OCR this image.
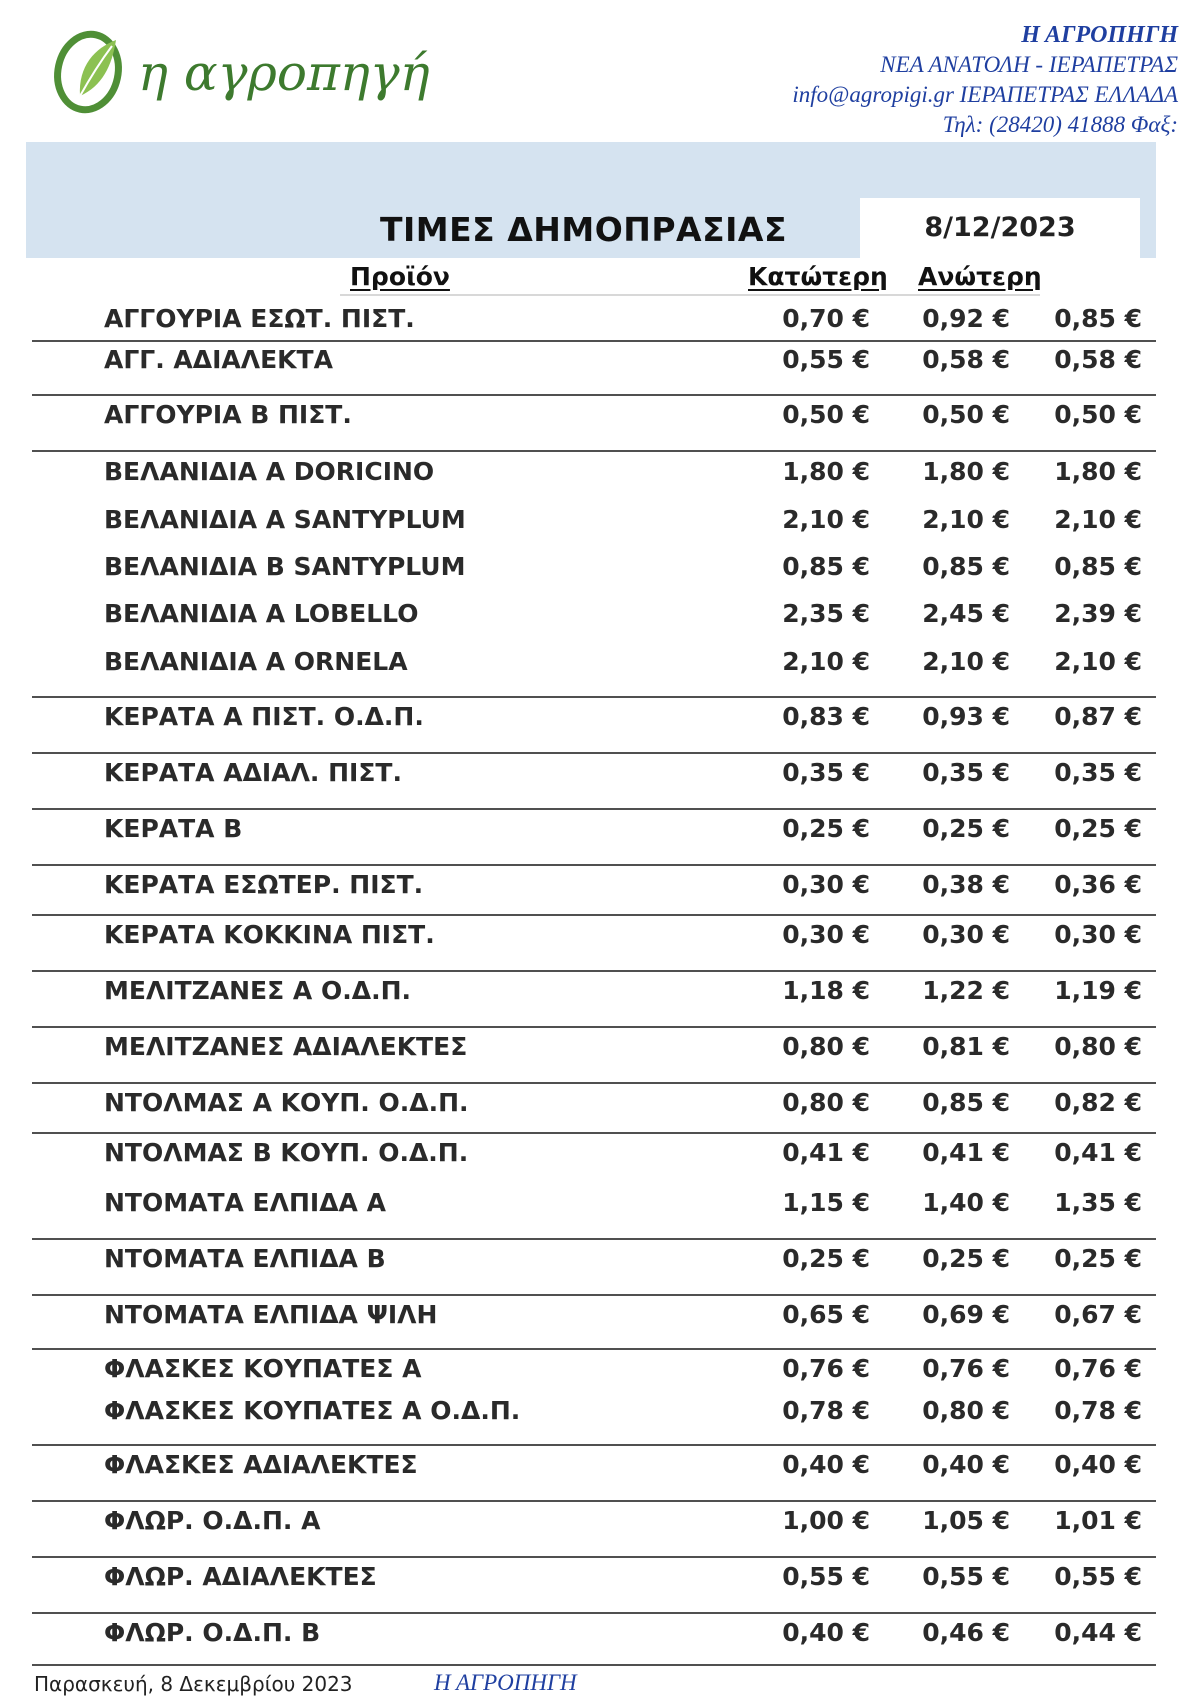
η αγροπηγή
Η ΑΓΡΟΠΗΓΗ
ΝΕΑ ΑΝΑΤΟΛΗ - ΙΕΡΑΠΕΤΡΑΣ
info@agropigi.gr ΙΕΡΑΠΕΤΡΑΣ ΕΛΛΑΔΑ
Τηλ: (28420) 41888 Φαξ:
ΤΙΜΕΣ ΔΗΜΟΠΡΑΣΙΑΣ	8/12/2023
Προϊόν	Κατώτερη Ανώτερη
ΑΓΓΟΥΡΙΑ ΕΣΩΤ. ΠΙΣΤ.	0,70 € 0,92 € 0,85 €
ΑΓΓ. ΑΔΙΑΛΕΚΤΑ	0,55 € 0,58 € 0,58 €
ΑΓΓΟΥΡΙΑ Β ΠΙΣΤ.	0,50 € 0,50 € 0,50 €
ΒΕΛΑΝΙΔΙΑ Α DORICINO	1,80 € 1,80 € 1,80 €
ΒΕΛΑΝΙΔΙΑ Α SANTYPLUM	2,10 € 2,10 € 2,10 €
ΒΕΛΑΝΙΔΙΑ Β SANTYPLUM	0,85 € 0,85 € 0,85 €
ΒΕΛΑΝΙΔΙΑ Α LOBELLO	2,35 € 2,45 € 2,39 €
ΒΕΛΑΝΙΔΙΑ Α ORNELA	2,10 € 2,10 € 2,10 €
ΚΕΡΑΤΑ Α ΠΙΣΤ. Ο.Δ.Π.	0,83 € 0,93 € 0,87 €
ΚΕΡΑΤΑ ΑΔΙΑΛ. ΠΙΣΤ.	0,35 € 0,35 € 0,35 €
ΚΕΡΑΤΑ Β	0,25 € 0,25 € 0,25 €
ΚΕΡΑΤΑ ΕΣΩΤΕΡ. ΠΙΣΤ.	0,30 € 0,38 € 0,36 €
ΚΕΡΑΤΑ ΚΟΚΚΙΝΑ ΠΙΣΤ.	0,30 € 0,30 € 0,30 €
ΜΕΛΙΤΖΑΝΕΣ Α Ο.Δ.Π.	1,18 € 1,22 € 1,19 €
ΜΕΛΙΤΖΑΝΕΣ ΑΔΙΑΛΕΚΤΕΣ	0,80 € 0,81 € 0,80 €
ΝΤΟΛΜΑΣ Α ΚΟΥΠ. Ο.Δ.Π.	0,80 € 0,85 € 0,82 €
ΝΤΟΛΜΑΣ Β ΚΟΥΠ. Ο.Δ.Π.	0,41 € 0,41 € 0,41 €
ΝΤΟΜΑΤΑ ΕΛΠΙΔΑ Α	1,15 € 1,40 € 1,35 €
ΝΤΟΜΑΤΑ ΕΛΠΙΔΑ Β	0,25 € 0,25 € 0,25 €
ΝΤΟΜΑΤΑ ΕΛΠΙΔΑ ΨΙΛΗ	0,65 € 0,69 € 0,67 €
ΦΛΑΣΚΕΣ ΚΟΥΠΑΤΕΣ Α	0,76 € 0,76 € 0,76 €
ΦΛΑΣΚΕΣ ΚΟΥΠΑΤΕΣ Α Ο.Δ.Π.	0,78 € 0,80 € 0,78 €
ΦΛΑΣΚΕΣ ΑΔΙΑΛΕΚΤΕΣ	0,40 € 0,40 € 0,40 €
ΦΛΩΡ. Ο.Δ.Π. Α	1,00 € 1,05 € 1,01 €
ΦΛΩΡ. ΑΔΙΑΛΕΚΤΕΣ	0,55 € 0,55 € 0,55 €
ΦΛΩΡ. Ο.Δ.Π. Β	0,40 € 0,46 € 0,44 €
Παρασκευή, 8 Δεκεμβρίου 2023	Η ΑΓΡΟΠΗΓΗ
